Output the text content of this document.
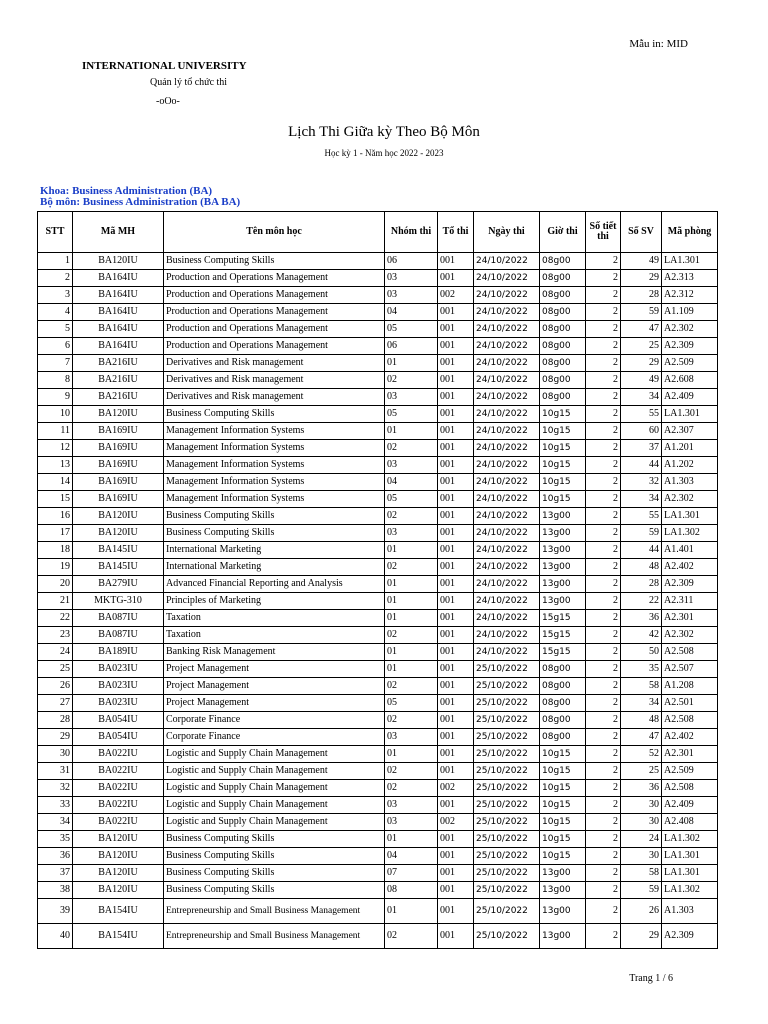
Mẫu in: MID
INTERNATIONAL UNIVERSITY
Quản lý tổ chức thi
-oOo-
Lịch Thi Giữa kỳ Theo Bộ Môn
Học kỳ 1 - Năm học 2022 - 2023
Khoa: Business Administration (BA)
Bộ môn: Business Administration (BA BA)
STT	Mã MH	Tên môn học	Nhóm thi	Tổ thi	Ngày thi	Giờ thi	Số tiết thi	Số SV	Mã phòng
1	BA120IU	Business Computing Skills	06	001	24/10/2022	08g00	2	49	LA1.301
2	BA164IU	Production and Operations Management	03	001	24/10/2022	08g00	2	29	A2.313
3	BA164IU	Production and Operations Management	03	002	24/10/2022	08g00	2	28	A2.312
4	BA164IU	Production and Operations Management	04	001	24/10/2022	08g00	2	59	A1.109
5	BA164IU	Production and Operations Management	05	001	24/10/2022	08g00	2	47	A2.302
6	BA164IU	Production and Operations Management	06	001	24/10/2022	08g00	2	25	A2.309
7	BA216IU	Derivatives and Risk management	01	001	24/10/2022	08g00	2	29	A2.509
8	BA216IU	Derivatives and Risk management	02	001	24/10/2022	08g00	2	49	A2.608
9	BA216IU	Derivatives and Risk management	03	001	24/10/2022	08g00	2	34	A2.409
10	BA120IU	Business Computing Skills	05	001	24/10/2022	10g15	2	55	LA1.301
11	BA169IU	Management Information Systems	01	001	24/10/2022	10g15	2	60	A2.307
12	BA169IU	Management Information Systems	02	001	24/10/2022	10g15	2	37	A1.201
13	BA169IU	Management Information Systems	03	001	24/10/2022	10g15	2	44	A1.202
14	BA169IU	Management Information Systems	04	001	24/10/2022	10g15	2	32	A1.303
15	BA169IU	Management Information Systems	05	001	24/10/2022	10g15	2	34	A2.302
16	BA120IU	Business Computing Skills	02	001	24/10/2022	13g00	2	55	LA1.301
17	BA120IU	Business Computing Skills	03	001	24/10/2022	13g00	2	59	LA1.302
18	BA145IU	International Marketing	01	001	24/10/2022	13g00	2	44	A1.401
19	BA145IU	International Marketing	02	001	24/10/2022	13g00	2	48	A2.402
20	BA279IU	Advanced Financial Reporting and Analysis	01	001	24/10/2022	13g00	2	28	A2.309
21	MKTG-310	Principles of Marketing	01	001	24/10/2022	13g00	2	22	A2.311
22	BA087IU	Taxation	01	001	24/10/2022	15g15	2	36	A2.301
23	BA087IU	Taxation	02	001	24/10/2022	15g15	2	42	A2.302
24	BA189IU	Banking Risk Management	01	001	24/10/2022	15g15	2	50	A2.508
25	BA023IU	Project Management	01	001	25/10/2022	08g00	2	35	A2.507
26	BA023IU	Project Management	02	001	25/10/2022	08g00	2	58	A1.208
27	BA023IU	Project Management	05	001	25/10/2022	08g00	2	34	A2.501
28	BA054IU	Corporate Finance	02	001	25/10/2022	08g00	2	48	A2.508
29	BA054IU	Corporate Finance	03	001	25/10/2022	08g00	2	47	A2.402
30	BA022IU	Logistic and Supply Chain Management	01	001	25/10/2022	10g15	2	52	A2.301
31	BA022IU	Logistic and Supply Chain Management	02	001	25/10/2022	10g15	2	25	A2.509
32	BA022IU	Logistic and Supply Chain Management	02	002	25/10/2022	10g15	2	36	A2.508
33	BA022IU	Logistic and Supply Chain Management	03	001	25/10/2022	10g15	2	30	A2.409
34	BA022IU	Logistic and Supply Chain Management	03	002	25/10/2022	10g15	2	30	A2.408
35	BA120IU	Business Computing Skills	01	001	25/10/2022	10g15	2	24	LA1.302
36	BA120IU	Business Computing Skills	04	001	25/10/2022	10g15	2	30	LA1.301
37	BA120IU	Business Computing Skills	07	001	25/10/2022	13g00	2	58	LA1.301
38	BA120IU	Business Computing Skills	08	001	25/10/2022	13g00	2	59	LA1.302
39	BA154IU	Entrepreneurship and Small Business Management	01	001	25/10/2022	13g00	2	26	A1.303
40	BA154IU	Entrepreneurship and Small Business Management	02	001	25/10/2022	13g00	2	29	A2.309
Trang 1 / 6
